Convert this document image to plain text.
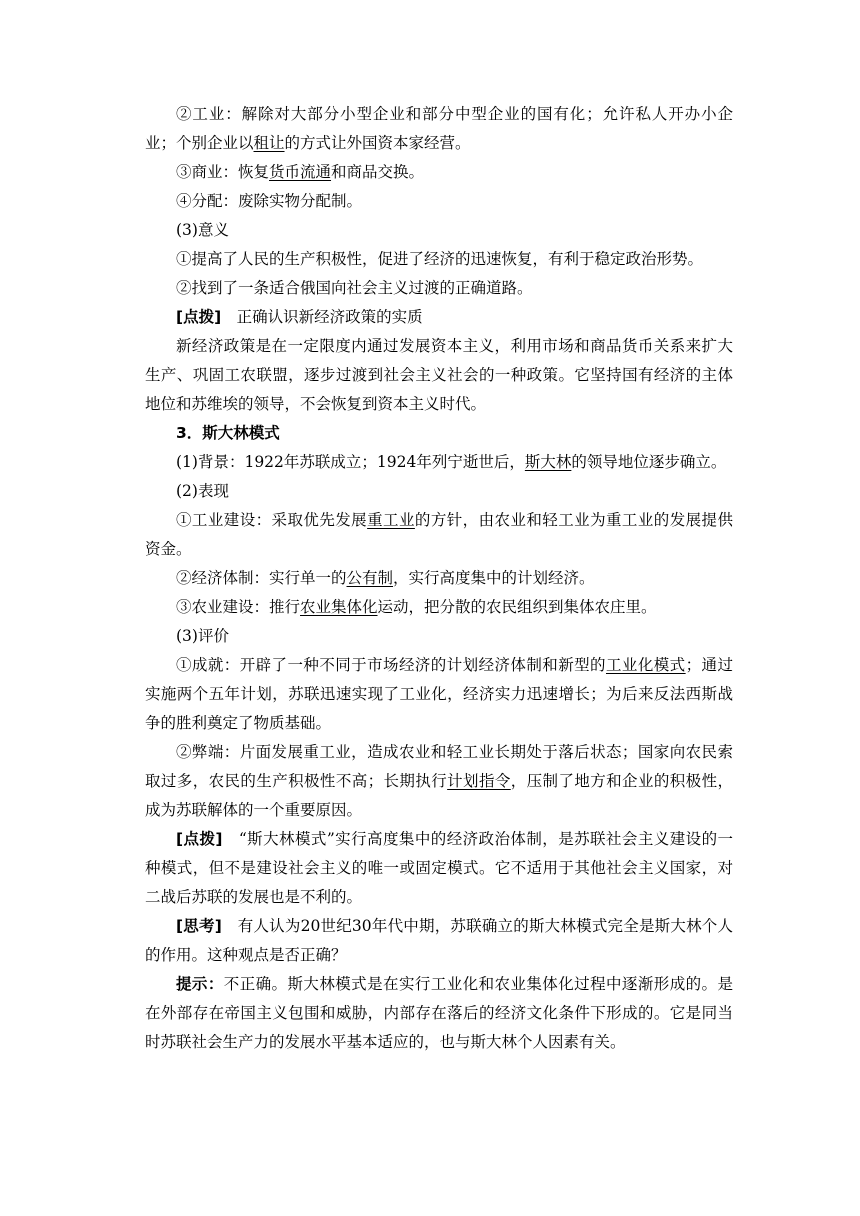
②工业：解除对大部分小型企业和部分中型企业的国有化；允许私人开办小企业；个别企业以租让的方式让外国资本家经营。

③商业：恢复货币流通和商品交换。

④分配：废除实物分配制。

(3)意义

①提高了人民的生产积极性，促进了经济的迅速恢复，有利于稳定政治形势。

②找到了一条适合俄国向社会主义过渡的正确道路。

[点拨]　正确认识新经济政策的实质

新经济政策是在一定限度内通过发展资本主义，利用市场和商品货币关系来扩大生产、巩固工农联盟，逐步过渡到社会主义社会的一种政策。它坚持国有经济的主体地位和苏维埃的领导，不会恢复到资本主义时代。

3．斯大林模式

(1)背景：1922年苏联成立；1924年列宁逝世后，斯大林的领导地位逐步确立。

(2)表现

①工业建设：采取优先发展重工业的方针，由农业和轻工业为重工业的发展提供资金。

②经济体制：实行单一的公有制，实行高度集中的计划经济。

③农业建设：推行农业集体化运动，把分散的农民组织到集体农庄里。

(3)评价

①成就：开辟了一种不同于市场经济的计划经济体制和新型的工业化模式；通过实施两个五年计划，苏联迅速实现了工业化，经济实力迅速增长；为后来反法西斯战争的胜利奠定了物质基础。

②弊端：片面发展重工业，造成农业和轻工业长期处于落后状态；国家向农民索取过多，农民的生产积极性不高；长期执行计划指令，压制了地方和企业的积极性，成为苏联解体的一个重要原因。

[点拨]　“斯大林模式”实行高度集中的经济政治体制，是苏联社会主义建设的一种模式，但不是建设社会主义的唯一或固定模式。它不适用于其他社会主义国家，对二战后苏联的发展也是不利的。

[思考]　有人认为20世纪30年代中期，苏联确立的斯大林模式完全是斯大林个人的作用。这种观点是否正确？

提示：不正确。斯大林模式是在实行工业化和农业集体化过程中逐渐形成的。是在外部存在帝国主义包围和威胁，内部存在落后的经济文化条件下形成的。它是同当时苏联社会生产力的发展水平基本适应的，也与斯大林个人因素有关。
